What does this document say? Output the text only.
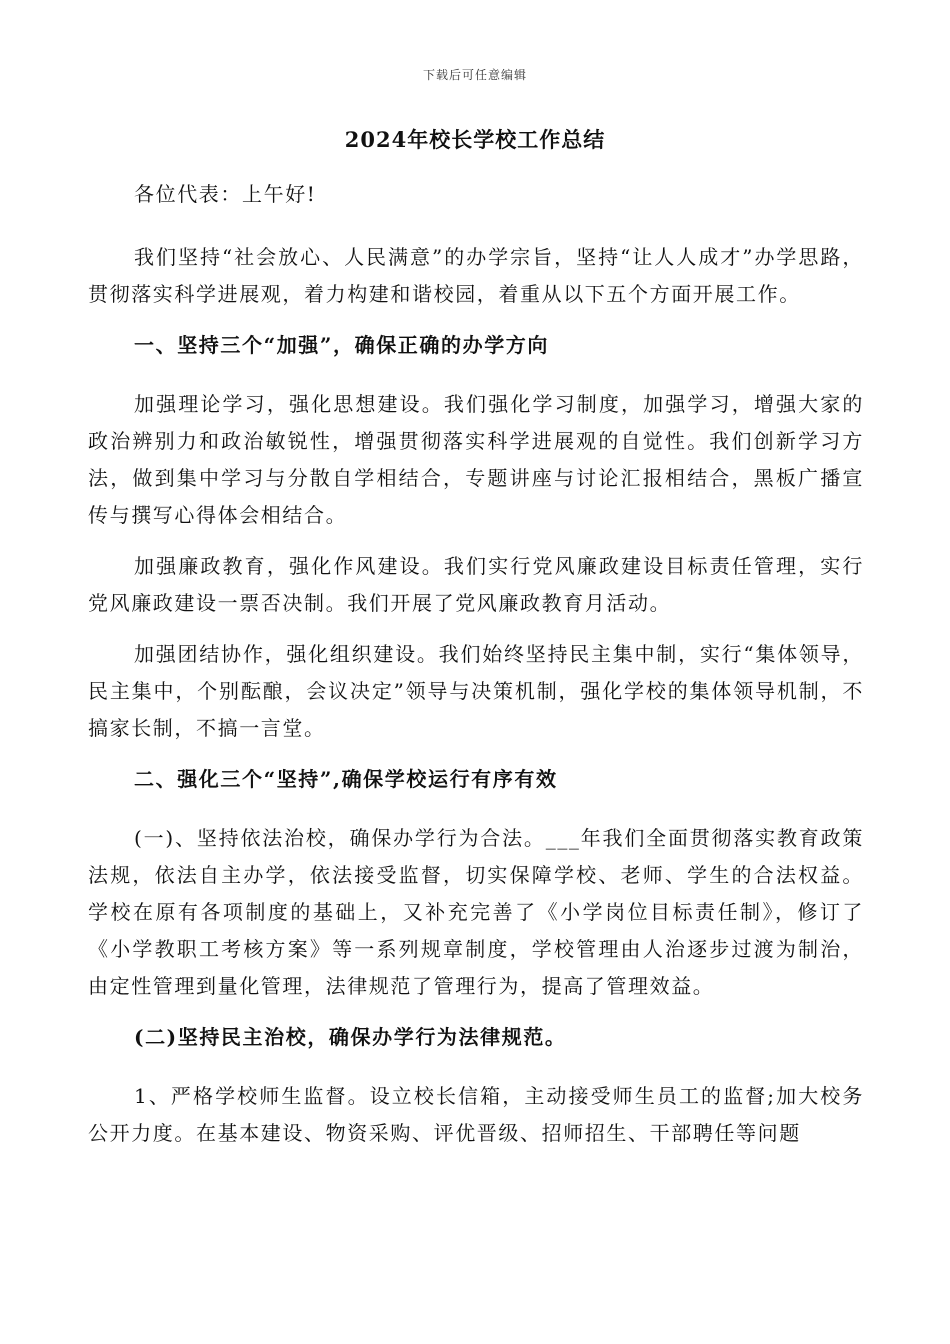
下载后可任意编辑
2024年校长学校工作总结

各位代表：上午好!

我们坚持“社会放心、人民满意”的办学宗旨，坚持“让人人成才”办学思路，贯彻落实科学进展观，着力构建和谐校园，着重从以下五个方面开展工作。

一、坚持三个“加强”，确保正确的办学方向

加强理论学习，强化思想建设。我们强化学习制度，加强学习，增强大家的政治辨别力和政治敏锐性，增强贯彻落实科学进展观的自觉性。我们创新学习方法，做到集中学习与分散自学相结合，专题讲座与讨论汇报相结合，黑板广播宣传与撰写心得体会相结合。

加强廉政教育，强化作风建设。我们实行党风廉政建设目标责任管理，实行党风廉政建设一票否决制。我们开展了党风廉政教育月活动。

加强团结协作，强化组织建设。我们始终坚持民主集中制，实行“集体领导，民主集中，个别酝酿，会议决定”领导与决策机制，强化学校的集体领导机制，不搞家长制，不搞一言堂。

二、强化三个“坚持”,确保学校运行有序有效

(一)、坚持依法治校，确保办学行为合法。___年我们全面贯彻落实教育政策法规，依法自主办学，依法接受监督，切实保障学校、老师、学生的合法权益。学校在原有各项制度的基础上，又补充完善了《小学岗位目标责任制》，修订了《小学教职工考核方案》等一系列规章制度，学校管理由人治逐步过渡为制治，由定性管理到量化管理，法律规范了管理行为，提高了管理效益。

(二)坚持民主治校，确保办学行为法律规范。

1、严格学校师生监督。设立校长信箱，主动接受师生员工的监督;加大校务公开力度。在基本建设、物资采购、评优晋级、招师招生、干部聘任等问题
